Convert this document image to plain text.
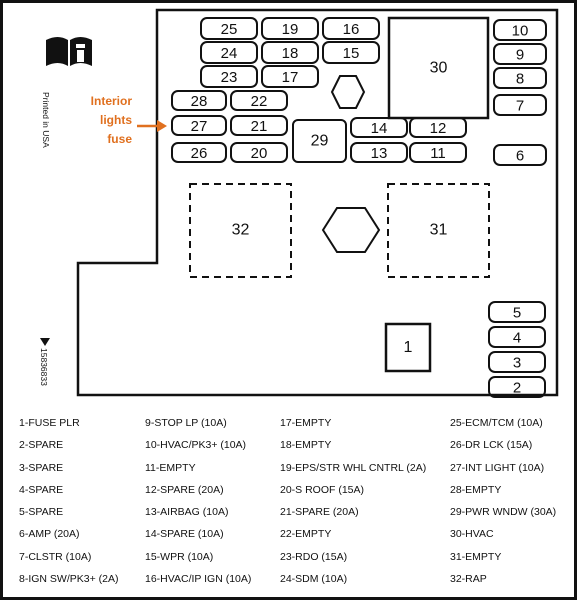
Printed in USA
15836833
25	19	16
24	18	15
23	17
28	22
27	21
26	20
14	12
13	11
10
9
8
7
6
5
4
3
2
29
30
32	31
1
Interior
lights
fuse
1-FUSE PLR
2-SPARE
3-SPARE
4-SPARE
5-SPARE
6-AMP (20A)
7-CLSTR (10A)
8-IGN SW/PK3+ (2A)
9-STOP LP (10A)
10-HVAC/PK3+ (10A)
11-EMPTY
12-SPARE (20A)
13-AIRBAG (10A)
14-SPARE (10A)
15-WPR (10A)
16-HVAC/IP IGN (10A)
17-EMPTY
18-EMPTY
19-EPS/STR WHL CNTRL (2A)
20-S ROOF (15A)
21-SPARE (20A)
22-EMPTY
23-RDO (15A)
24-SDM (10A)
25-ECM/TCM (10A)
26-DR LCK (15A)
27-INT LIGHT (10A)
28-EMPTY
29-PWR WNDW (30A)
30-HVAC
31-EMPTY
32-RAP
